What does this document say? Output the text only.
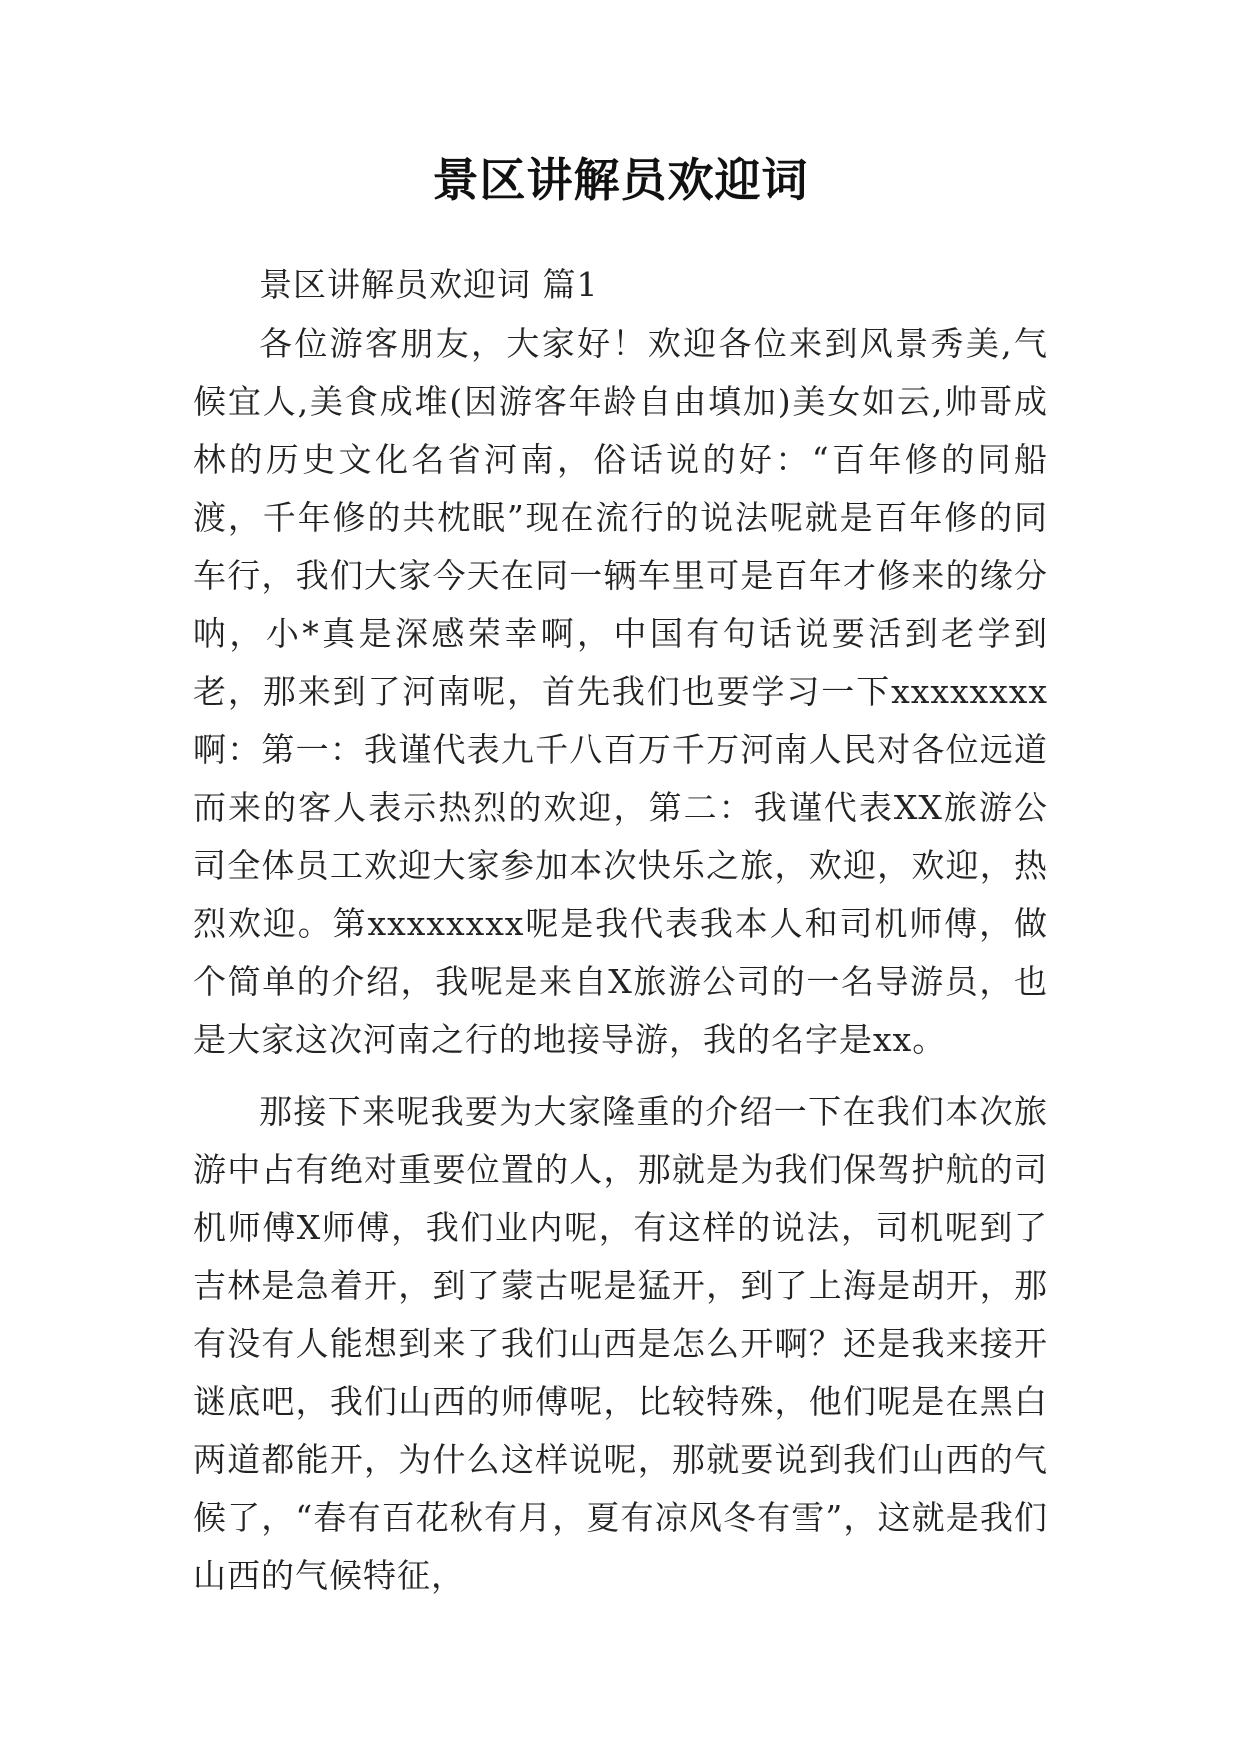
景区讲解员欢迎词

景区讲解员欢迎词 篇1

各位游客朋友，大家好！欢迎各位来到风景秀美,气候宜人,美食成堆(因游客年龄自由填加)美女如云,帅哥成林的历史文化名省河南，俗话说的好：“百年修的同船渡，千年修的共枕眠”现在流行的说法呢就是百年修的同车行，我们大家今天在同一辆车里可是百年才修来的缘分呐，小*真是深感荣幸啊，中国有句话说要活到老学到老，那来到了河南呢，首先我们也要学习一下xxxxxxxx啊：第一：我谨代表九千八百万千万河南人民对各位远道而来的客人表示热烈的欢迎，第二：我谨代表XX旅游公司全体员工欢迎大家参加本次快乐之旅，欢迎，欢迎，热烈欢迎。第xxxxxxxx呢是我代表我本人和司机师傅，做个简单的介绍，我呢是来自X旅游公司的一名导游员，也是大家这次河南之行的地接导游，我的名字是xx。

那接下来呢我要为大家隆重的介绍一下在我们本次旅游中占有绝对重要位置的人，那就是为我们保驾护航的司机师傅X师傅，我们业内呢，有这样的说法，司机呢到了吉林是急着开，到了蒙古呢是猛开，到了上海是胡开，那有没有人能想到来了我们山西是怎么开啊？还是我来接开谜底吧，我们山西的师傅呢，比较特殊，他们呢是在黑白两道都能开，为什么这样说呢，那就要说到我们山西的气候了，“春有百花秋有月，夏有凉风冬有雪”，这就是我们山西的气候特征，
